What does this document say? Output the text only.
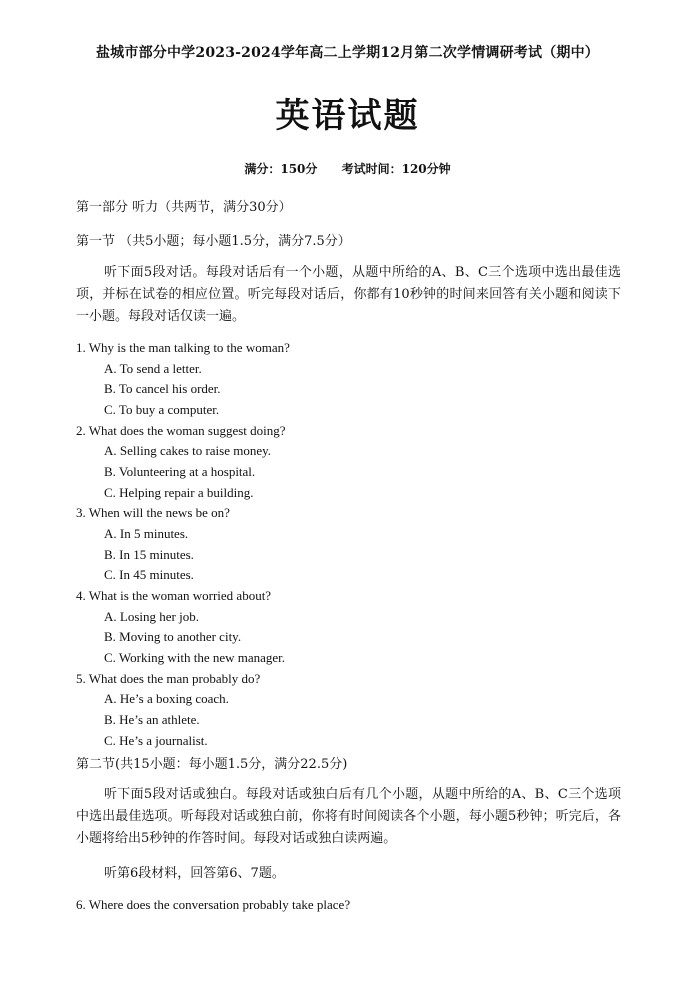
盐城市部分中学2023-2024学年高二上学期12月第二次学情调研考试（期中）
英语试题
满分：150分 考试时间：120分钟
第一部分 听力（共两节，满分30分）
第一节 （共5小题；每小题1.5分，满分7.5分）
听下面5段对话。每段对话后有一个小题，从题中所给的A、B、C三个选项中选出最佳选项，并标在试卷的相应位置。听完每段对话后，你都有10秒钟的时间来回答有关小题和阅读下一小题。每段对话仅读一遍。
1. Why is the man talking to the woman?
A. To send a letter.
B. To cancel his order.
C. To buy a computer.
2. What does the woman suggest doing?
A. Selling cakes to raise money.
B. Volunteering at a hospital.
C. Helping repair a building.
3. When will the news be on?
A. In 5 minutes.
B. In 15 minutes.
C. In 45 minutes.
4. What is the woman worried about?
A. Losing her job.
B. Moving to another city.
C. Working with the new manager.
5. What does the man probably do?
A. He’s a boxing coach.
B. He’s an athlete.
C. He’s a journalist.
第二节(共15小题：每小题1.5分，满分22.5分)
听下面5段对话或独白。每段对话或独白后有几个小题，从题中所给的A、B、C三个选项中选出最佳选项。听每段对话或独白前，你将有时间阅读各个小题，每小题5秒钟；听完后，各小题将给出5秒钟的作答时间。每段对话或独白读两遍。
听第6段材料，回答第6、7题。
6. Where does the conversation probably take place?
